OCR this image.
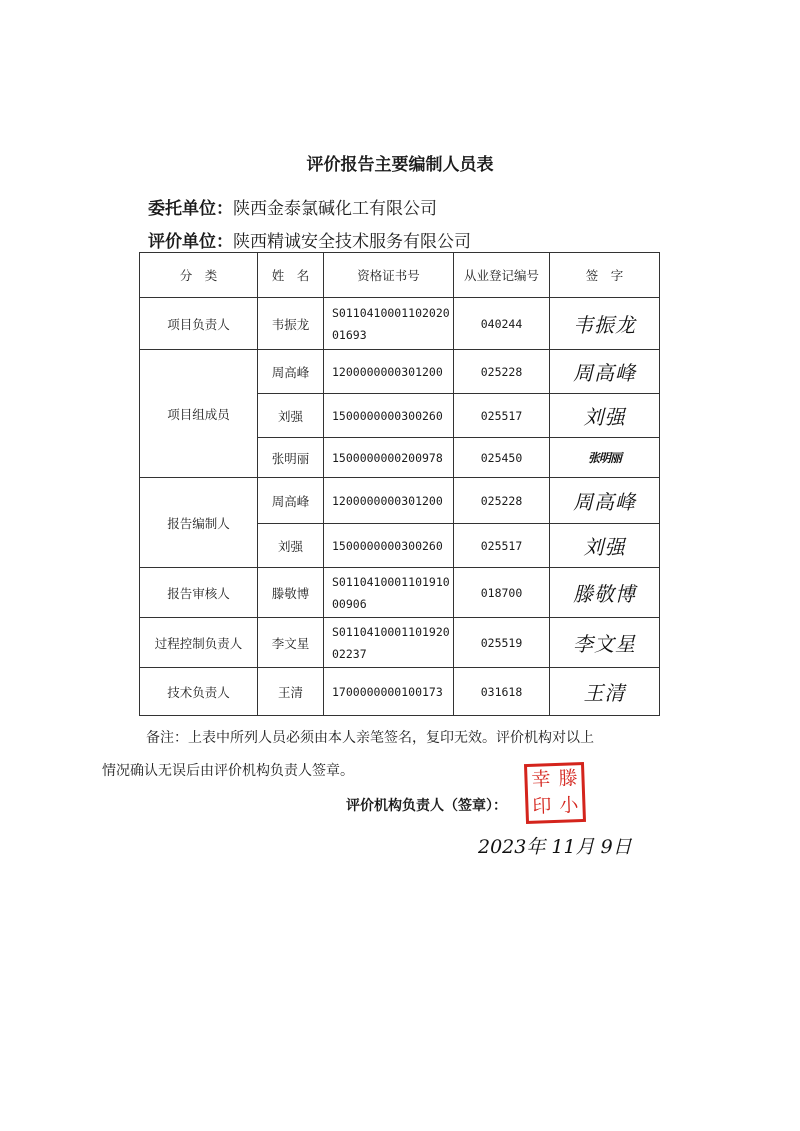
评价报告主要编制人员表
委托单位：陕西金泰氯碱化工有限公司
评价单位：陕西精诚安全技术服务有限公司
分　类	姓　名	资格证书号	从业登记编号	签　字
项目负责人	韦振龙	S011041000110202001693	040244	韦振龙
项目组成员	周高峰	1200000000301200	025228	周高峰
	刘强	1500000000300260	025517	刘强
	张明丽	1500000000200978	025450	张明丽
报告编制人	周高峰	1200000000301200	025228	周高峰
	刘强	1500000000300260	025517	刘强
报告审核人	滕敬博	S011041000110191000906	018700	滕敬博
过程控制负责人	李文星	S011041000110192002237	025519	李文星
技术负责人	王清	1700000000100173	031618	王清

备注：上表中所列人员必须由本人亲笔签名，复印无效。评价机构对以上

情况确认无误后由评价机构负责人签章。

评价机构负责人（签章）：
幸 滕
印 小
2023年 11月 9日
